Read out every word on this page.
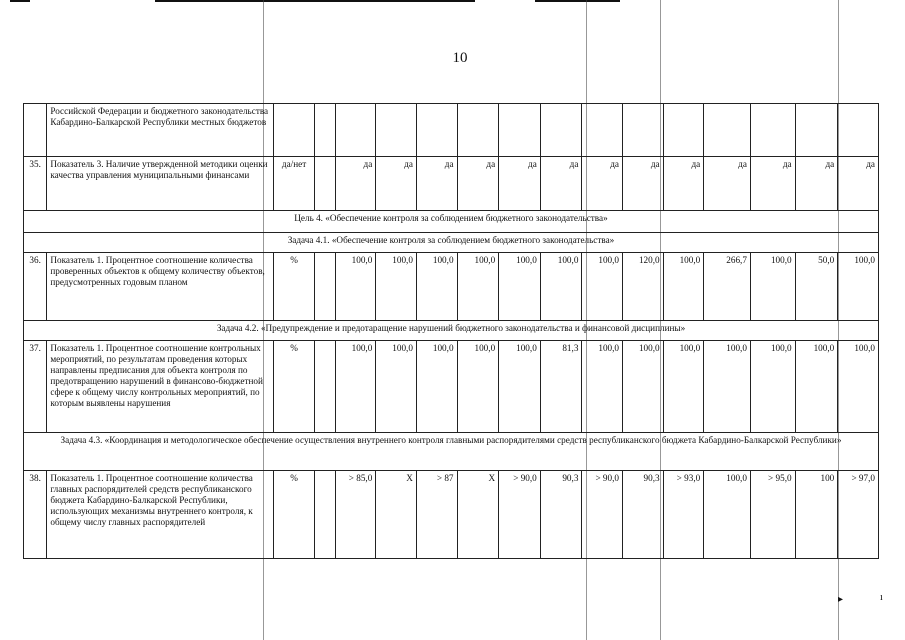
▸	ı
10
	Российской Федерации и бюджетного законодательства Кабардино-Балкарской Республики местных бюджетов															
35.	Показатель 3. Наличие утвержденной методики оценки качества управления муниципальными финансами	да/нет		да	да	да	да	да	да	да	да	да	да	да	да	да
Цель 4. «Обеспечение контроля за соблюдением бюджетного законодательства»																
Задача 4.1. «Обеспечение контроля за соблюдением бюджетного законодательства»																
36.	Показатель 1. Процентное соотношение количества проверенных объектов к общему количеству объектов, предусмотренных годовым планом	%		100,0	100,0	100,0	100,0	100,0	100,0	100,0	120,0	100,0	266,7	100,0	50,0	100,0
Задача 4.2. «Предупреждение и предотаращение нарушений бюджетного законодательства и финансовой дисциплины»																
37.	Показатель 1. Процентное соотношение контрольных мероприятий, по результатам проведения которых направлены предписания для объекта контроля по предотвращению нарушений в финансово-бюджетной сфере к общему числу контрольных мероприятий, по которым выявлены нарушения	%		100,0	100,0	100,0	100,0	100,0	81,3	100,0	100,0	100,0	100,0	100,0	100,0	100,0
Задача 4.3. «Координация и методологическое обеспечение осуществления внутреннего контроля главными распорядителями средств республиканского бюджета Кабардино-Балкарской Республики»																
38.	Показатель 1. Процентное соотношение количества главных распорядителей средств республиканского бюджета Кабардино-Балкарской Республики, использующих механизмы внутреннего контроля, к общему числу главных распорядителей	%		> 85,0	X	> 87	X	> 90,0	90,3	> 90,0	90,3	> 93,0	100,0	> 95,0	100	> 97,0
